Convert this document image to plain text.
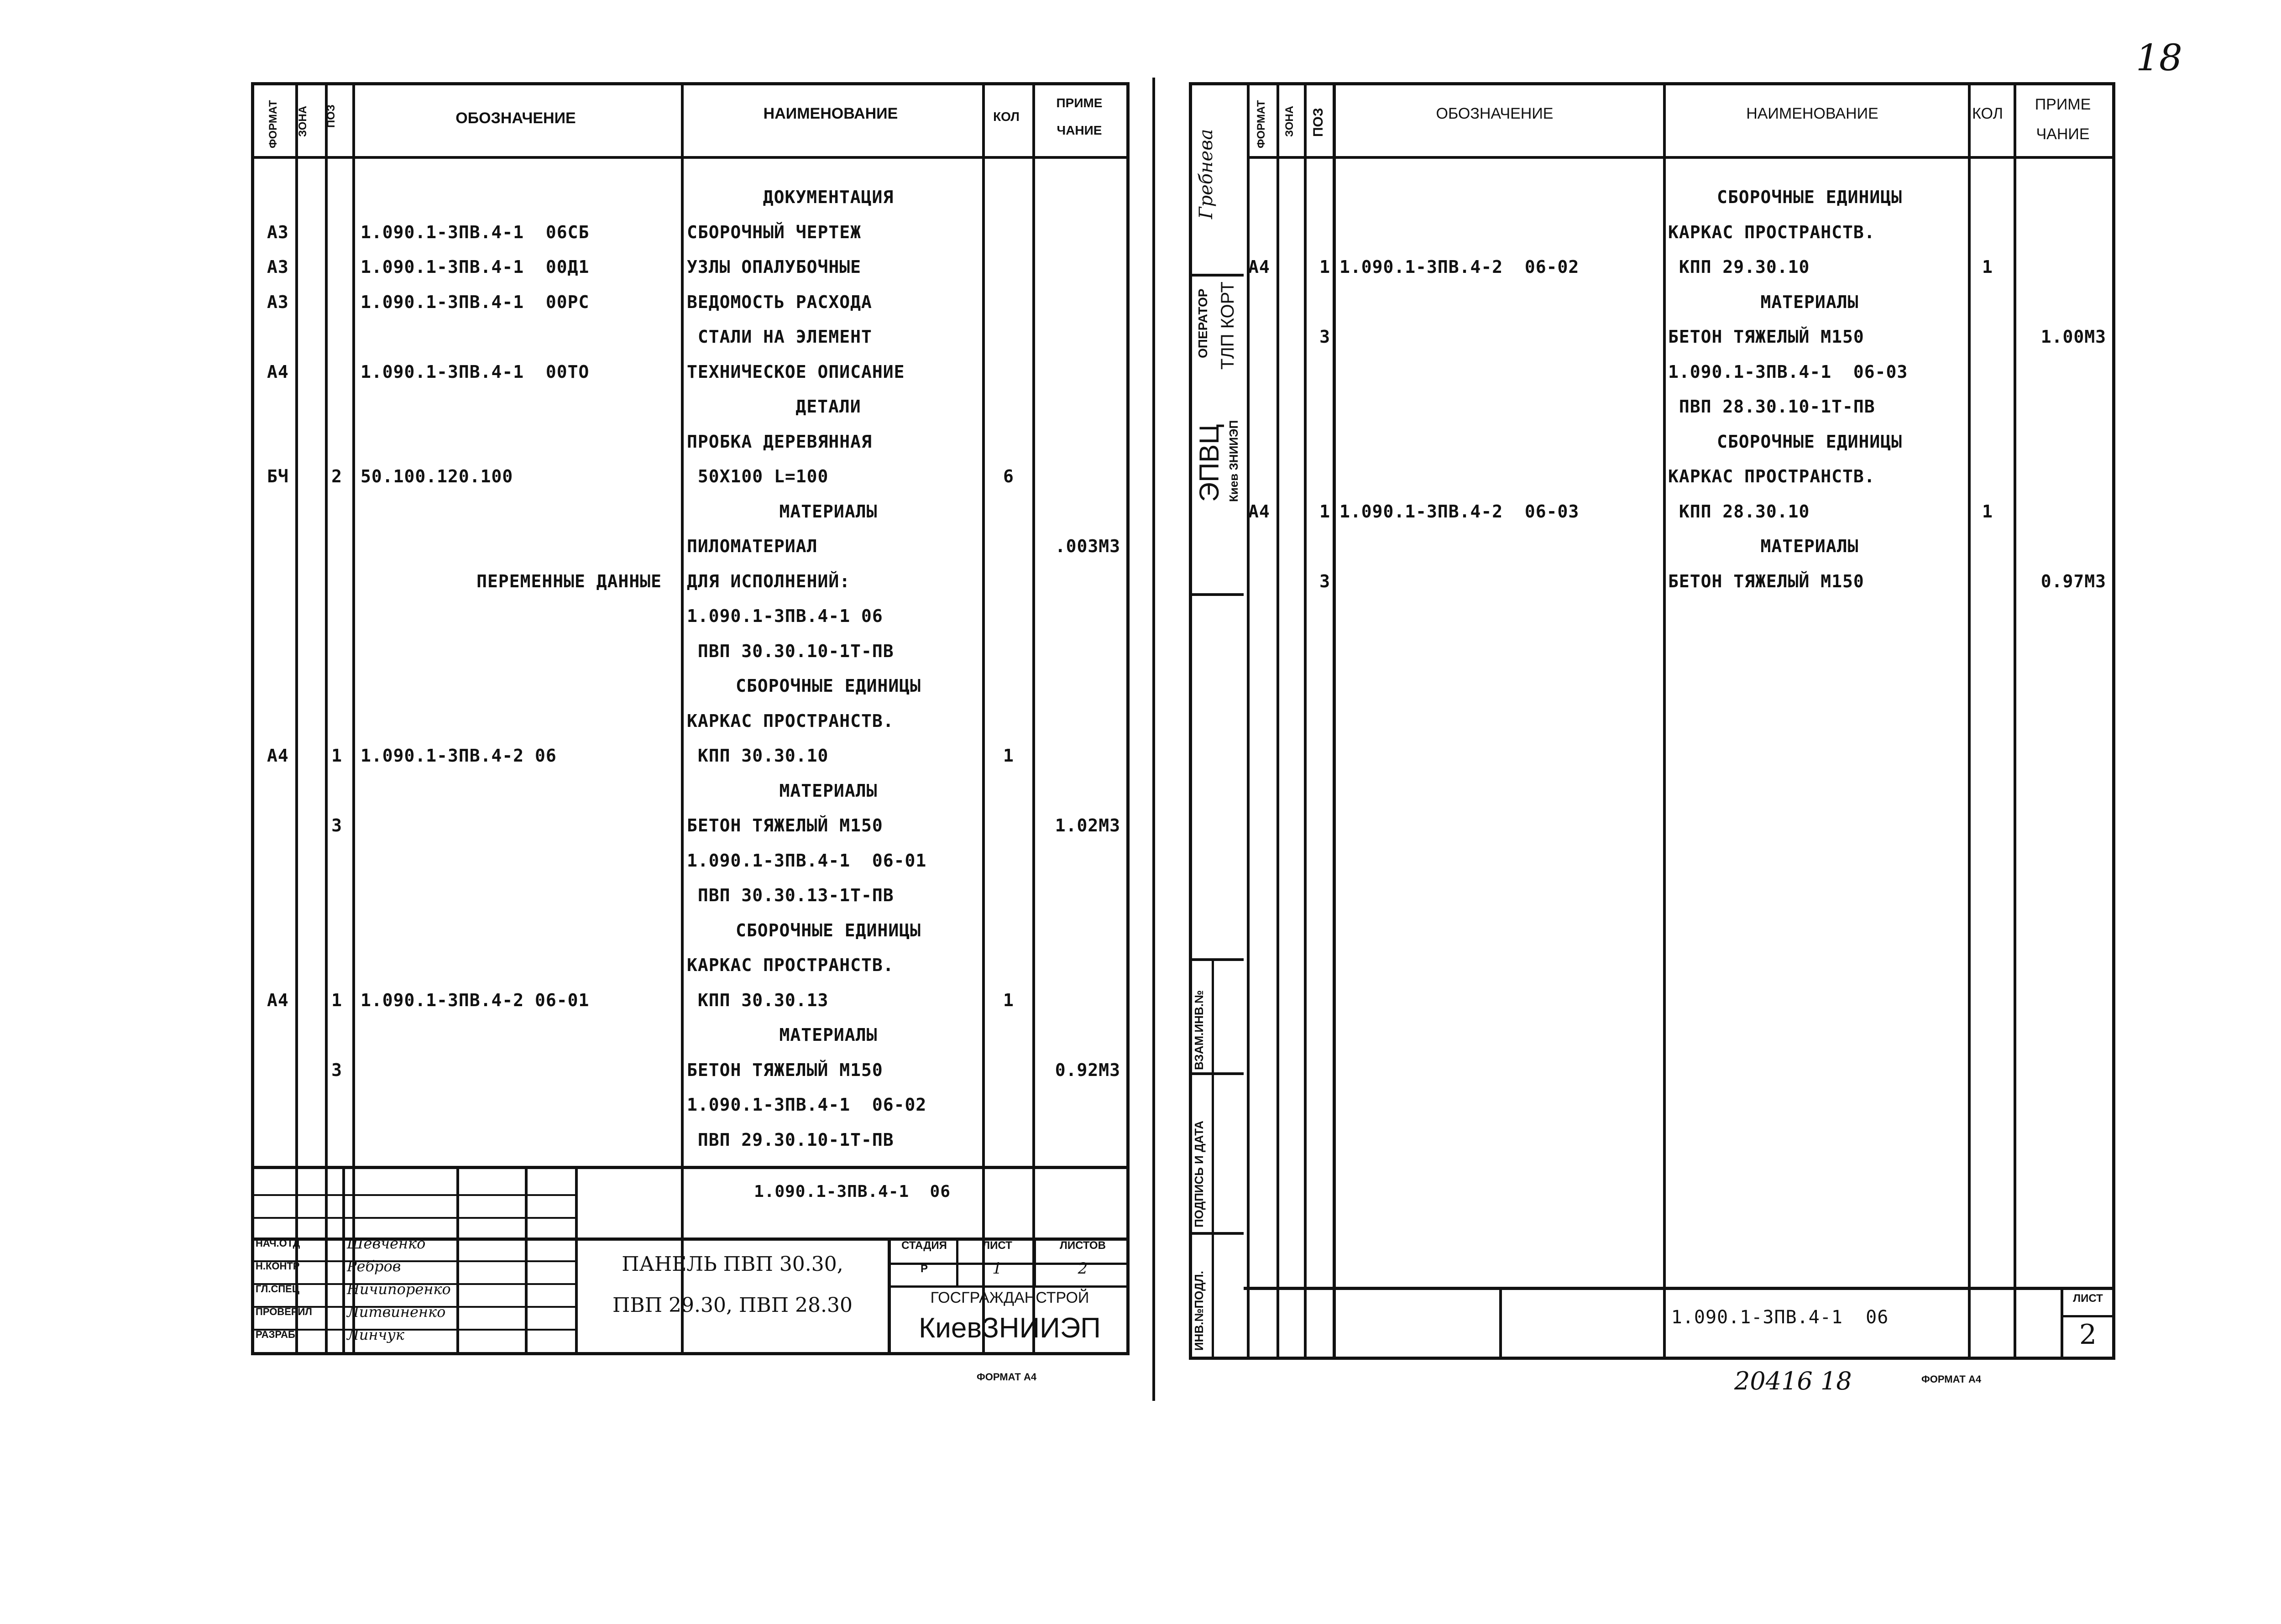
18
ФОРМАТ ЗОНА ПОЗ	ОБОЗНАЧЕНИЕ	НАИМЕНОВАНИЕ	КОЛ
ПРИМЕ
ЧАНИЕ
ДОКУМЕНТАЦИЯ
А3	1.090.1-3ПВ.4-1  06СБ	СБОРОЧНЫЙ ЧЕРТЕЖ
А3	1.090.1-3ПВ.4-1  00Д1	УЗЛЫ ОПАЛУБОЧНЫЕ
А3	1.090.1-3ПВ.4-1  00РС	ВЕДОМОСТЬ РАСХОДА
СТАЛИ НА ЭЛЕМЕНТ
А4	1.090.1-3ПВ.4-1  00ТО	ТЕХНИЧЕСКОЕ ОПИСАНИЕ
ДЕТАЛИ
ПРОБКА ДЕРЕВЯННАЯ
БЧ	2 50.100.120.100	50Х100 L=100	6
МАТЕРИАЛЫ
ПИЛОМАТЕРИАЛ	.003М3
ПЕРЕМЕННЫЕ ДАННЫЕ ДЛЯ ИСПОЛНЕНИЙ:
1.090.1-3ПВ.4-1 06
ПВП 30.30.10-1Т-ПВ
СБОРОЧНЫЕ ЕДИНИЦЫ
КАРКАС ПРОСТРАНСТВ.
А4	1 1.090.1-3ПВ.4-2 06	КПП 30.30.10	1
МАТЕРИАЛЫ
3	БЕТОН ТЯЖЕЛЫЙ М150	1.02М3
1.090.1-3ПВ.4-1  06-01
ПВП 30.30.13-1Т-ПВ
СБОРОЧНЫЕ ЕДИНИЦЫ
КАРКАС ПРОСТРАНСТВ.
А4	1 1.090.1-3ПВ.4-2 06-01	КПП 30.30.13	1
МАТЕРИАЛЫ
3	БЕТОН ТЯЖЕЛЫЙ М150	0.92М3
1.090.1-3ПВ.4-1  06-02
ПВП 29.30.10-1Т-ПВ
1.090.1-3ПВ.4-1  06
НАЧ.ОТД	Шевченко
Н.КОНТР	Ребров
ГЛ.СПЕЦ	Ничипоренко
ПРОВЕРИЛ Литвиненко
РАЗРАБ.	Линчук
ПАНЕЛЬ ПВП 30.30,
ПВП 29.30, ПВП 28.30
СТАДИЯ	ЛИСТ	ЛИСТОВ
Р	1	2
ГОСГРАЖДАНСТРОЙ
КиевЗНИИЭП
ФОРМАТ А4
ФОРМАТ ЗОНА ПОЗ	ОБОЗНАЧЕНИЕ	НАИМЕНОВАНИЕ	КОЛ
ПРИМЕ
ЧАНИЕ
СБОРОЧНЫЕ ЕДИНИЦЫ
КАРКАС ПРОСТРАНСТВ.
А4	1 1.090.1-3ПВ.4-2  06-02	КПП 29.30.10	1
МАТЕРИАЛЫ
3	БЕТОН ТЯЖЕЛЫЙ М150	1.00М3
1.090.1-3ПВ.4-1  06-03
ПВП 28.30.10-1Т-ПВ
СБОРОЧНЫЕ ЕДИНИЦЫ
КАРКАС ПРОСТРАНСТВ.
А4	1 1.090.1-3ПВ.4-2  06-03	КПП 28.30.10	1
МАТЕРИАЛЫ
3	БЕТОН ТЯЖЕЛЫЙ М150	0.97М3
Гребнева
ОПЕРАТОР ТЛП КОРТ
ЭПВЦ Киев ЗНИИЭП
ВЗАМ.ИНВ.№
ПОДПИСЬ И ДАТА
ИНВ.№ПОДЛ.	1.090.1-3ПВ.4-1  06
ЛИСТ
2
20416 18	ФОРМАТ А4
